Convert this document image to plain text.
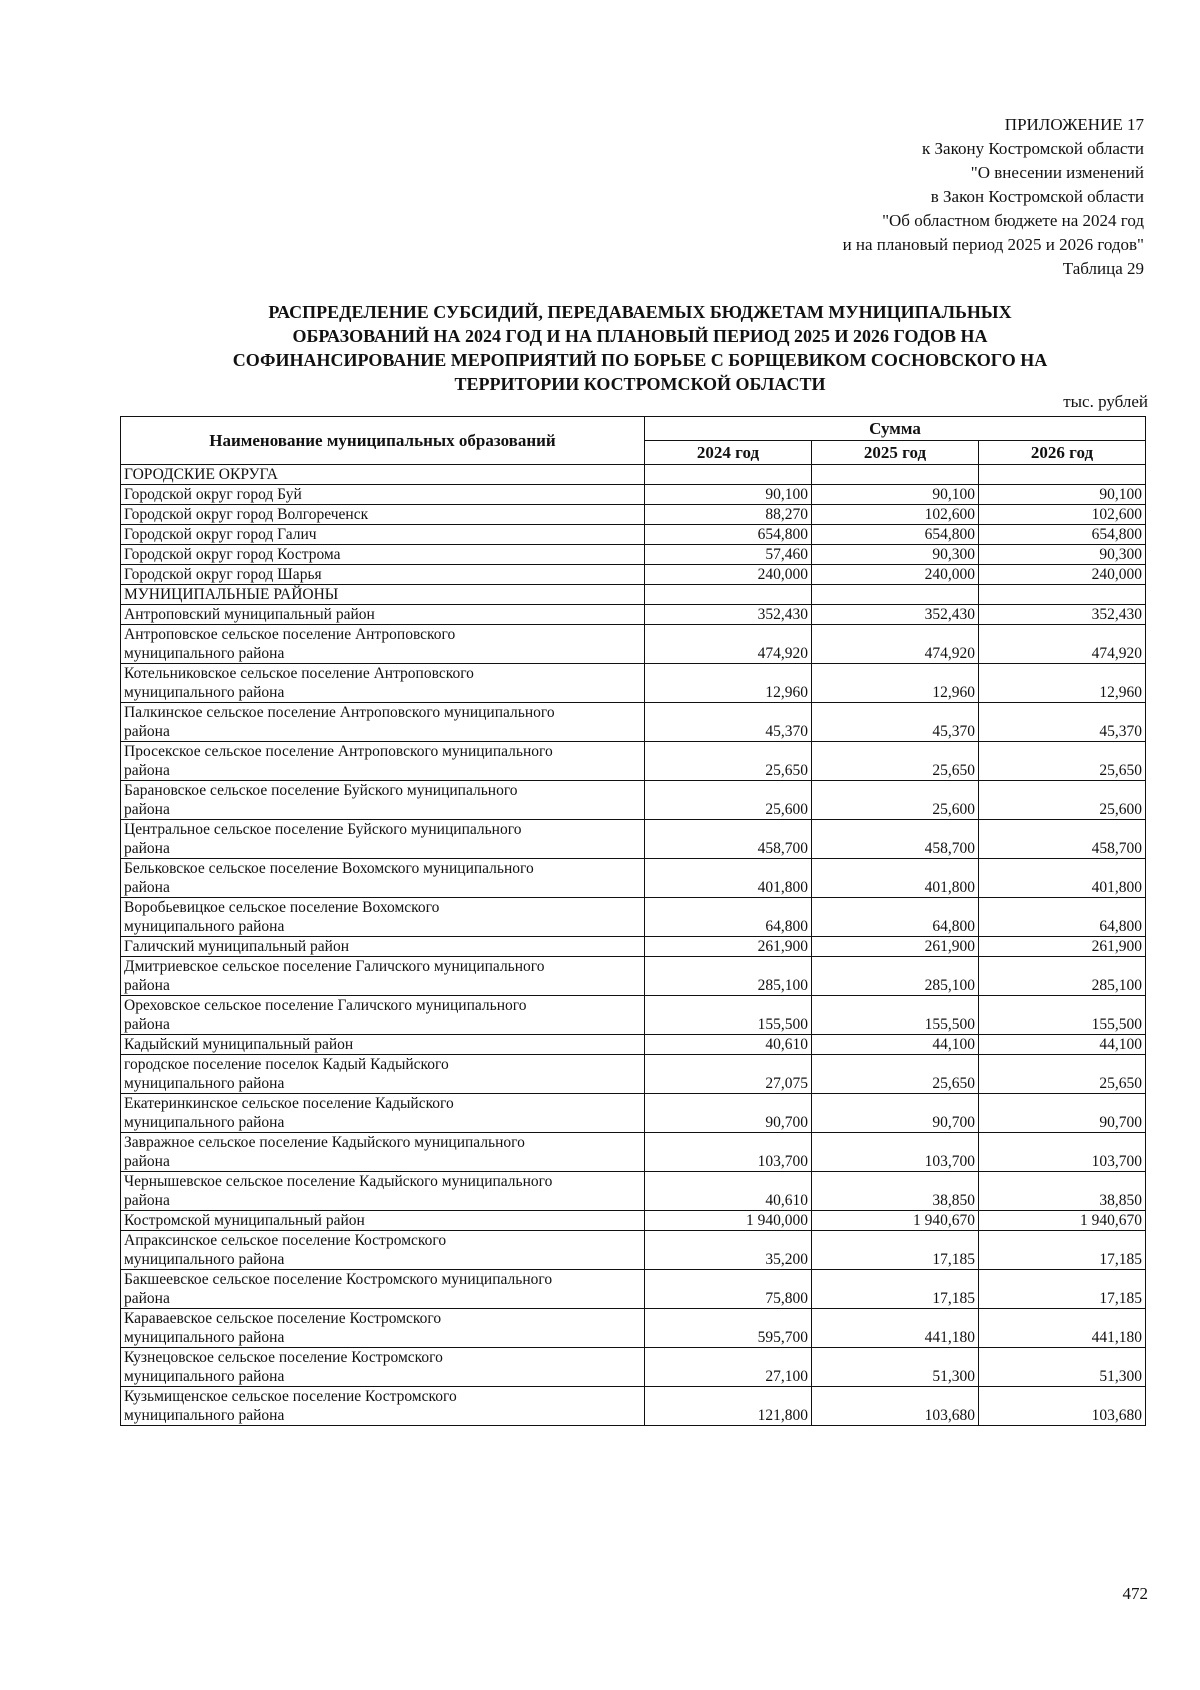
ПРИЛОЖЕНИЕ 17
к Закону Костромской области
"О внесении изменений
в Закон Костромской области
"Об областном бюджете на 2024 год
и на плановый период 2025 и 2026 годов"
Таблица 29
РАСПРЕДЕЛЕНИЕ СУБСИДИЙ, ПЕРЕДАВАЕМЫХ БЮДЖЕТАМ МУНИЦИПАЛЬНЫХ
ОБРАЗОВАНИЙ НА 2024 ГОД И НА ПЛАНОВЫЙ ПЕРИОД 2025 И 2026 ГОДОВ НА
СОФИНАНСИРОВАНИЕ МЕРОПРИЯТИЙ ПО БОРЬБЕ С БОРЩЕВИКОМ СОСНОВСКОГО НА
ТЕРРИТОРИИ КОСТРОМСКОЙ ОБЛАСТИ
тыс. рублей
Наименование муниципальных образований	Сумма		
	2024 год	2025 год	2026 год

ГОРОДСКИЕ ОКРУГА			

Городской округ город Буй	90,100	90,100	90,100

Городской округ город Волгореченск	88,270	102,600	102,600

Городской округ город Галич	654,800	654,800	654,800

Городской округ город Кострома	57,460	90,300	90,300

Городской округ город Шарья	240,000	240,000	240,000

МУНИЦИПАЛЬНЫЕ РАЙОНЫ			

Антроповский муниципальный район	352,430	352,430	352,430

Антроповское сельское поселение Антроповского
муниципального района	474,920	474,920	474,920

Котельниковское сельское поселение Антроповского
муниципального района	12,960	12,960	12,960

Палкинское сельское поселение Антроповского муниципального
района	45,370	45,370	45,370

Просекское сельское поселение Антроповского муниципального
района	25,650	25,650	25,650

Барановское сельское поселение Буйского муниципального
района	25,600	25,600	25,600

Центральное сельское поселение Буйского муниципального
района	458,700	458,700	458,700

Бельковское сельское поселение Вохомского муниципального
района	401,800	401,800	401,800

Воробьевицкое сельское поселение Вохомского
муниципального района	64,800	64,800	64,800

Галичский муниципальный район	261,900	261,900	261,900

Дмитриевское сельское поселение Галичского муниципального
района	285,100	285,100	285,100

Ореховское сельское поселение Галичского муниципального
района	155,500	155,500	155,500

Кадыйский муниципальный район	40,610	44,100	44,100

городское поселение поселок Кадый Кадыйского
муниципального района	27,075	25,650	25,650

Екатеринкинское сельское поселение Кадыйского
муниципального района	90,700	90,700	90,700

Завражное сельское поселение Кадыйского муниципального
района	103,700	103,700	103,700

Чернышевское сельское поселение Кадыйского муниципального
района	40,610	38,850	38,850

Костромской муниципальный район	1 940,000	1 940,670	1 940,670

Апраксинское сельское поселение Костромского
муниципального района	35,200	17,185	17,185

Бакшеевское сельское поселение Костромского муниципального
района	75,800	17,185	17,185

Караваевское сельское поселение Костромского
муниципального района	595,700	441,180	441,180

Кузнецовское сельское поселение Костромского
муниципального района	27,100	51,300	51,300

Кузьмищенское сельское поселение Костромского
муниципального района	121,800	103,680	103,680
472
